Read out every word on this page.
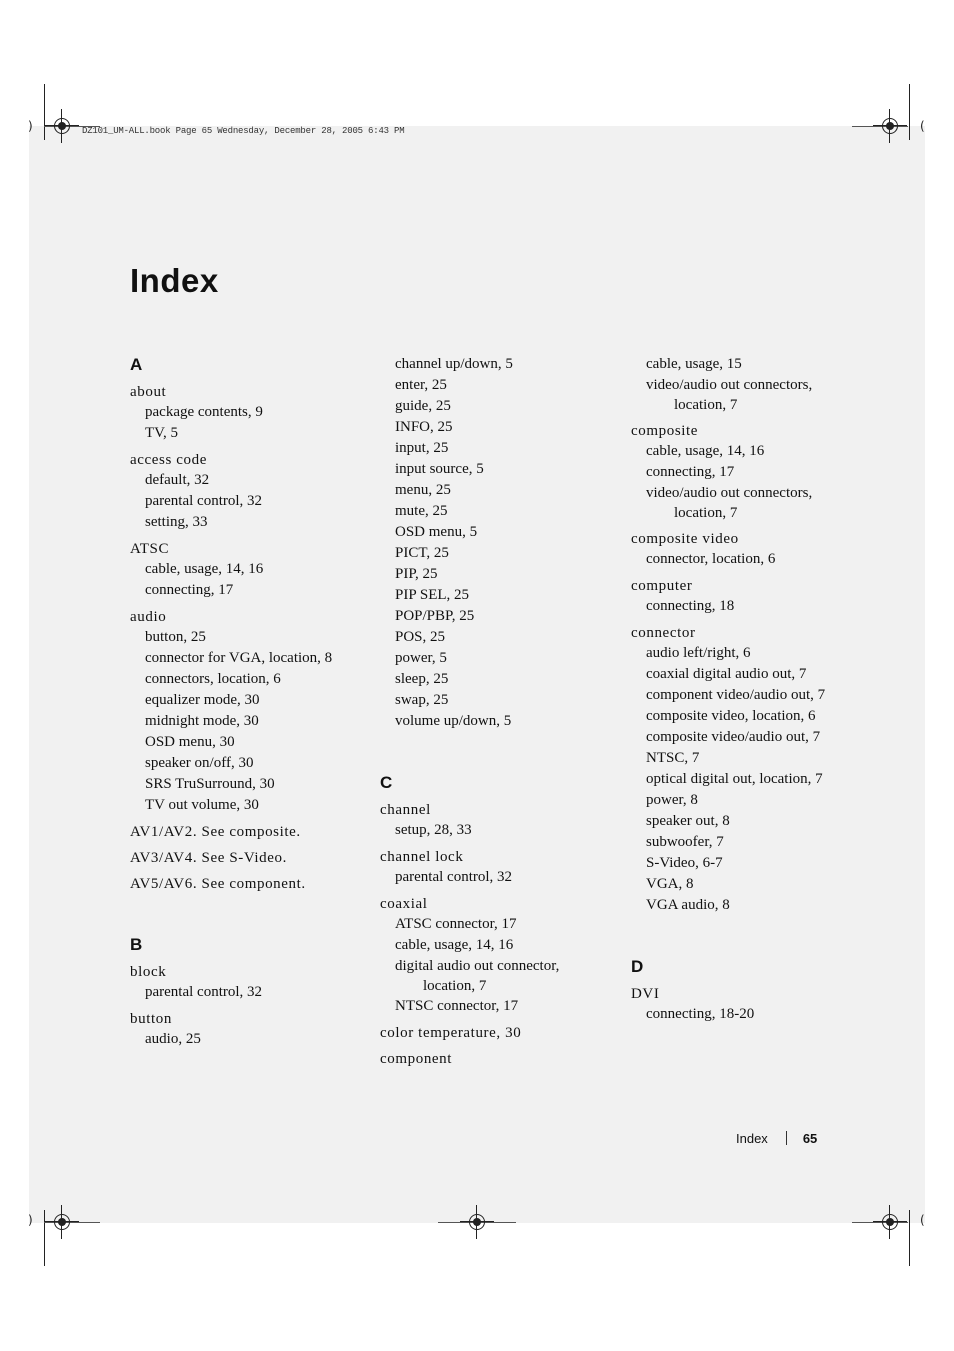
)	(
)	(
DZ101_UM-ALL.book Page 65 Wednesday, December 28, 2005 6:43 PM
Index
A
about
package contents, 9
TV, 5
access code
default, 32
parental control, 32
setting, 33
ATSC
cable, usage, 14, 16
connecting, 17
audio
button, 25
connector for VGA, location, 8
connectors, location, 6
equalizer mode, 30
midnight mode, 30
OSD menu, 30
speaker on/off, 30
SRS TruSurround, 30
TV out volume, 30
AV1/AV2. See composite.
AV3/AV4. See S-Video.
AV5/AV6. See component.
B
block
parental control, 32
button
audio, 25
channel up/down, 5
enter, 25
guide, 25
INFO, 25
input, 25
input source, 5
menu, 25
mute, 25
OSD menu, 5
PICT, 25
PIP, 25
PIP SEL, 25
POP/PBP, 25
POS, 25
power, 5
sleep, 25
swap, 25
volume up/down, 5
C
channel
setup, 28, 33
channel lock
parental control, 32
coaxial
ATSC connector, 17
cable, usage, 14, 16
digital audio out connector,
location, 7
NTSC connector, 17
color temperature, 30
component
cable, usage, 15
video/audio out connectors,
location, 7
composite
cable, usage, 14, 16
connecting, 17
video/audio out connectors,
location, 7
composite video
connector, location, 6
computer
connecting, 18
connector
audio left/right, 6
coaxial digital audio out, 7
component video/audio out, 7
composite video, location, 6
composite video/audio out, 7
NTSC, 7
optical digital out, location, 7
power, 8
speaker out, 8
subwoofer, 7
S-Video, 6-7
VGA, 8
VGA audio, 8
D
DVI
connecting, 18-20
Index	65
